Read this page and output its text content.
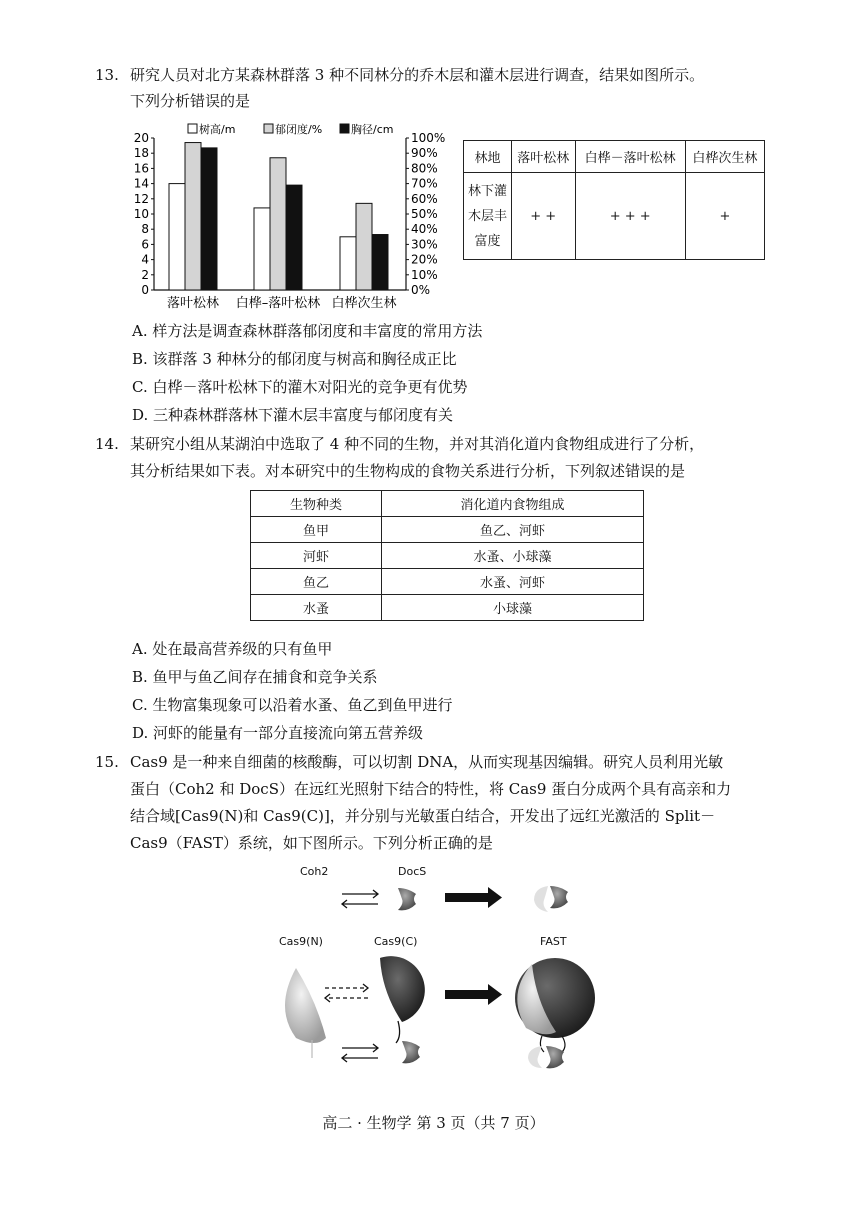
13. 研究人员对北方某森林群落 3 种不同林分的乔木层和灌木层进行调查，结果如图所示。
下列分析错误的是
20
18
16
14
12
10
8
6
4
2
0
100%
90%
80%
70%
60%
50%
40%
30%
20%
10%
0%
树高/m	郁闭度/%	胸径/cm
落叶松林 白桦–落叶松林 白桦次生林
林地	落叶松林	白桦－落叶松林	白桦次生林

林下灌
木层丰
富度	+ +	+ + +	+
A. 样方法是调查森林群落郁闭度和丰富度的常用方法
B. 该群落 3 种林分的郁闭度与树高和胸径成正比
C. 白桦－落叶松林下的灌木对阳光的竞争更有优势
D. 三种森林群落林下灌木层丰富度与郁闭度有关
14. 某研究小组从某湖泊中选取了 4 种不同的生物，并对其消化道内食物组成进行了分析，
其分析结果如下表。对本研究中的生物构成的食物关系进行分析，下列叙述错误的是
生物种类	消化道内食物组成
鱼甲	鱼乙、河虾
河虾	水蚤、小球藻
鱼乙	水蚤、河虾
水蚤	小球藻
A. 处在最高营养级的只有鱼甲
B. 鱼甲与鱼乙间存在捕食和竞争关系
C. 生物富集现象可以沿着水蚤、鱼乙到鱼甲进行
D. 河虾的能量有一部分直接流向第五营养级
15. Cas9 是一种来自细菌的核酸酶，可以切割 DNA，从而实现基因编辑。研究人员利用光敏
蛋白（Coh2 和 DocS）在远红光照射下结合的特性，将 Cas9 蛋白分成两个具有高亲和力
结合域[Cas9(N)和 Cas9(C)]，并分别与光敏蛋白结合，开发出了远红光激活的 Split－
Cas9（FAST）系统，如下图所示。下列分析正确的是
Coh2	DocS
Cas9(N)	Cas9(C)	FAST
高二 · 生物学 第 3 页（共 7 页）
